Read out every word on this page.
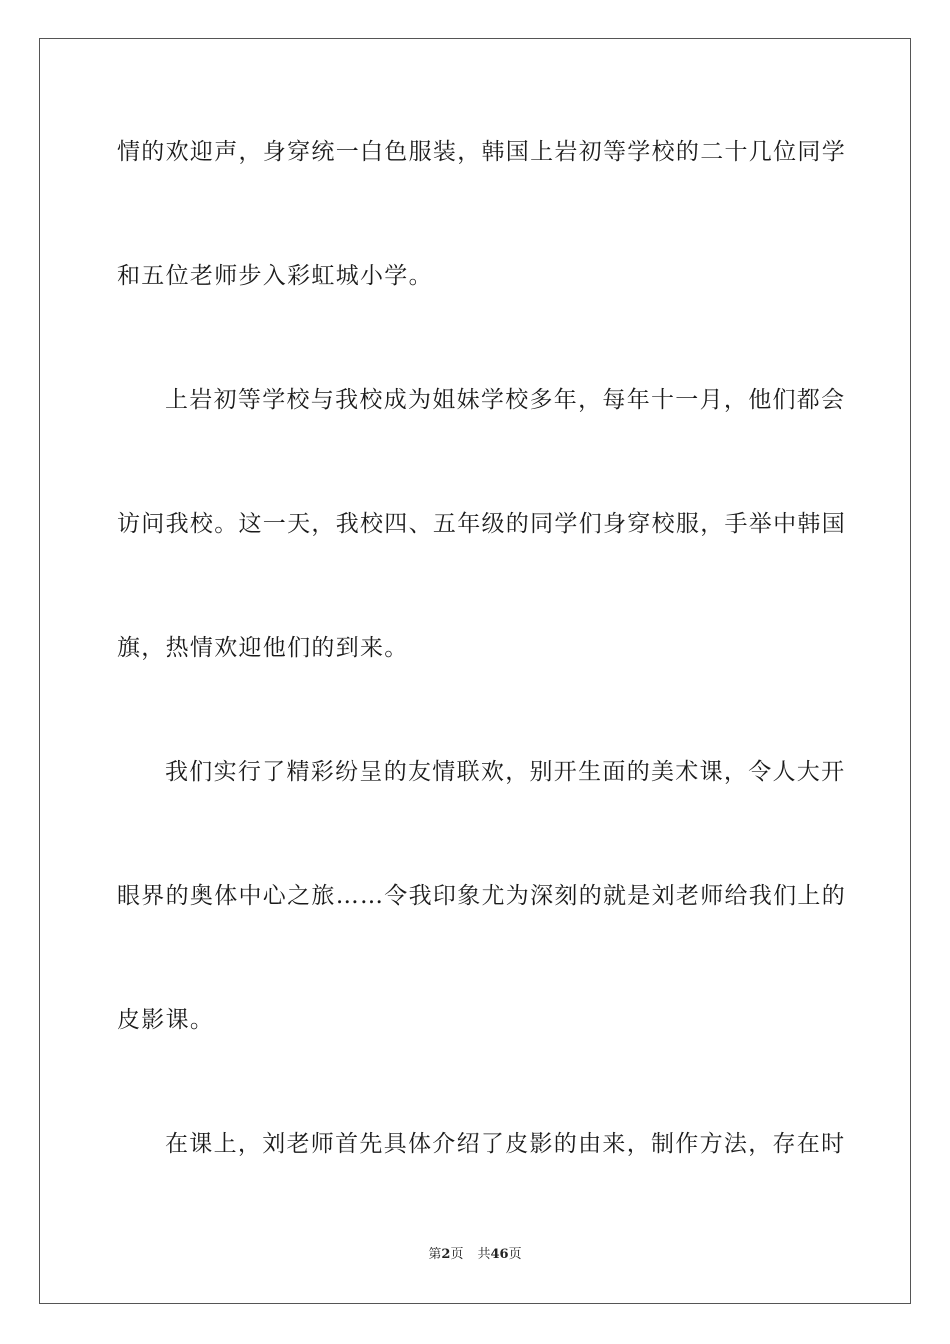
情的欢迎声，身穿统一白色服装，韩国上岩初等学校的二十几位同学
和五位老师步入彩虹城小学。
上岩初等学校与我校成为姐妹学校多年，每年十一月，他们都会
访问我校。这一天，我校四、五年级的同学们身穿校服，手举中韩国
旗，热情欢迎他们的到来。
我们实行了精彩纷呈的友情联欢，别开生面的美术课，令人大开
眼界的奥体中心之旅……令我印象尤为深刻的就是刘老师给我们上的
皮影课。
在课上，刘老师首先具体介绍了皮影的由来，制作方法，存在时
第2页 共46页
